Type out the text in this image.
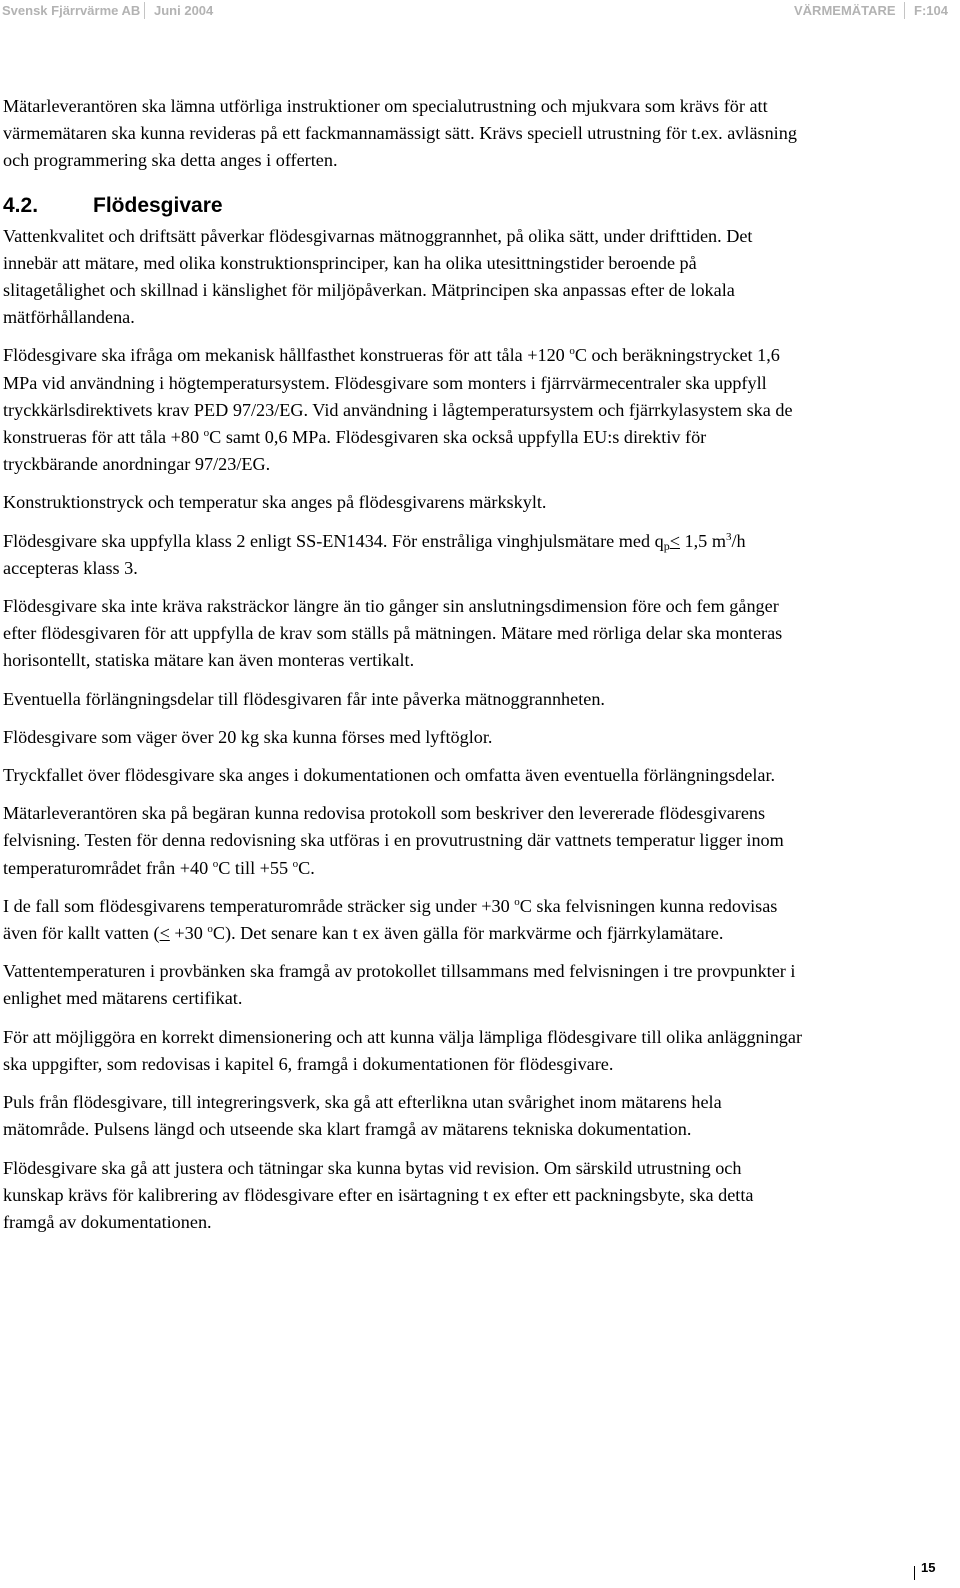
Svensk Fjärrvärme AB Juni 2004	VÄRMEMÄTARE F:104

Mätarleverantören ska lämna utförliga instruktioner om specialutrustning och mjukvara som krävs för att värmemätaren ska kunna revideras på ett fackmannamässigt sätt. Krävs speciell utrustning för t.ex. avläsning och programmering ska detta anges i offerten.

4.2.	Flödesgivare

Vattenkvalitet och driftsätt påverkar flödesgivarnas mätnoggrannhet, på olika sätt, under drifttiden. Det innebär att mätare, med olika konstruktionsprinciper, kan ha olika utesittningstider beroende på slitagetålighet och skillnad i känslighet för miljöpåverkan. Mätprincipen ska anpassas efter de lokala mätförhållandena.

Flödesgivare ska ifråga om mekanisk hållfasthet konstrueras för att tåla +120 $^o$C och beräkningstrycket 1,6 MPa vid användning i högtemperatursystem. Flödesgivare som monters i fjärrvärmecentraler ska uppfyll tryckkärlsdirektivets krav PED 97/23/EG. Vid användning i lågtemperatursystem och fjärrkylasystem ska de konstrueras för att tåla +80 $^o$C samt 0,6 MPa. Flödesgivaren ska också uppfylla EU:s direktiv för tryckbärande anordningar 97/23/EG.

Konstruktionstryck och temperatur ska anges på flödesgivarens märkskylt.

Flödesgivare ska uppfylla klass 2 enligt SS-EN1434. För enstråliga vinghjulsmätare med $q_p\le 1,5$ $m^3/h$ accepteras klass 3.

Flödesgivare ska inte kräva raksträckor längre än tio gånger sin anslutningsdimension före och fem gånger efter flödesgivaren för att uppfylla de krav som ställs på mätningen. Mätare med rörliga delar ska monteras horisontellt, statiska mätare kan även monteras vertikalt.

Eventuella förlängningsdelar till flödesgivaren får inte påverka mätnoggrannheten.

Flödesgivare som väger över 20 kg ska kunna förses med lyftöglor.

Tryckfallet över flödesgivare ska anges i dokumentationen och omfatta även eventuella förlängningsdelar.

Mätarleverantören ska på begäran kunna redovisa protokoll som beskriver den levererade flödesgivarens felvisning. Testen för denna redovisning ska utföras i en provutrustning där vattnets temperatur ligger inom temperaturområdet från +40 $^o$C till +55 $^o$C.

I de fall som flödesgivarens temperaturområde sträcker sig under +30 $^o$C ska felvisningen kunna redovisas även för kallt vatten (≤ +30 $^o$C). Det senare kan t ex även gälla för markvärme och fjärrkylamätare.

Vattentemperaturen i provbänken ska framgå av protokollet tillsammans med felvisningen i tre provpunkter i enlighet med mätarens certifikat.

För att möjliggöra en korrekt dimensionering och att kunna välja lämpliga flödesgivare till olika anläggningar ska uppgifter, som redovisas i kapitel 6, framgå i dokumentationen för flödesgivare.

Puls från flödesgivare, till integreringsverk, ska gå att efterlikna utan svårighet inom mätarens hela mätområde. Pulsens längd och utseende ska klart framgå av mätarens tekniska dokumentation.

Flödesgivare ska gå att justera och tätningar ska kunna bytas vid revision. Om särskild utrustning och kunskap krävs för kalibrering av flödesgivare efter en isärtagning t ex efter ett packningsbyte, ska detta framgå av dokumentationen.

15
